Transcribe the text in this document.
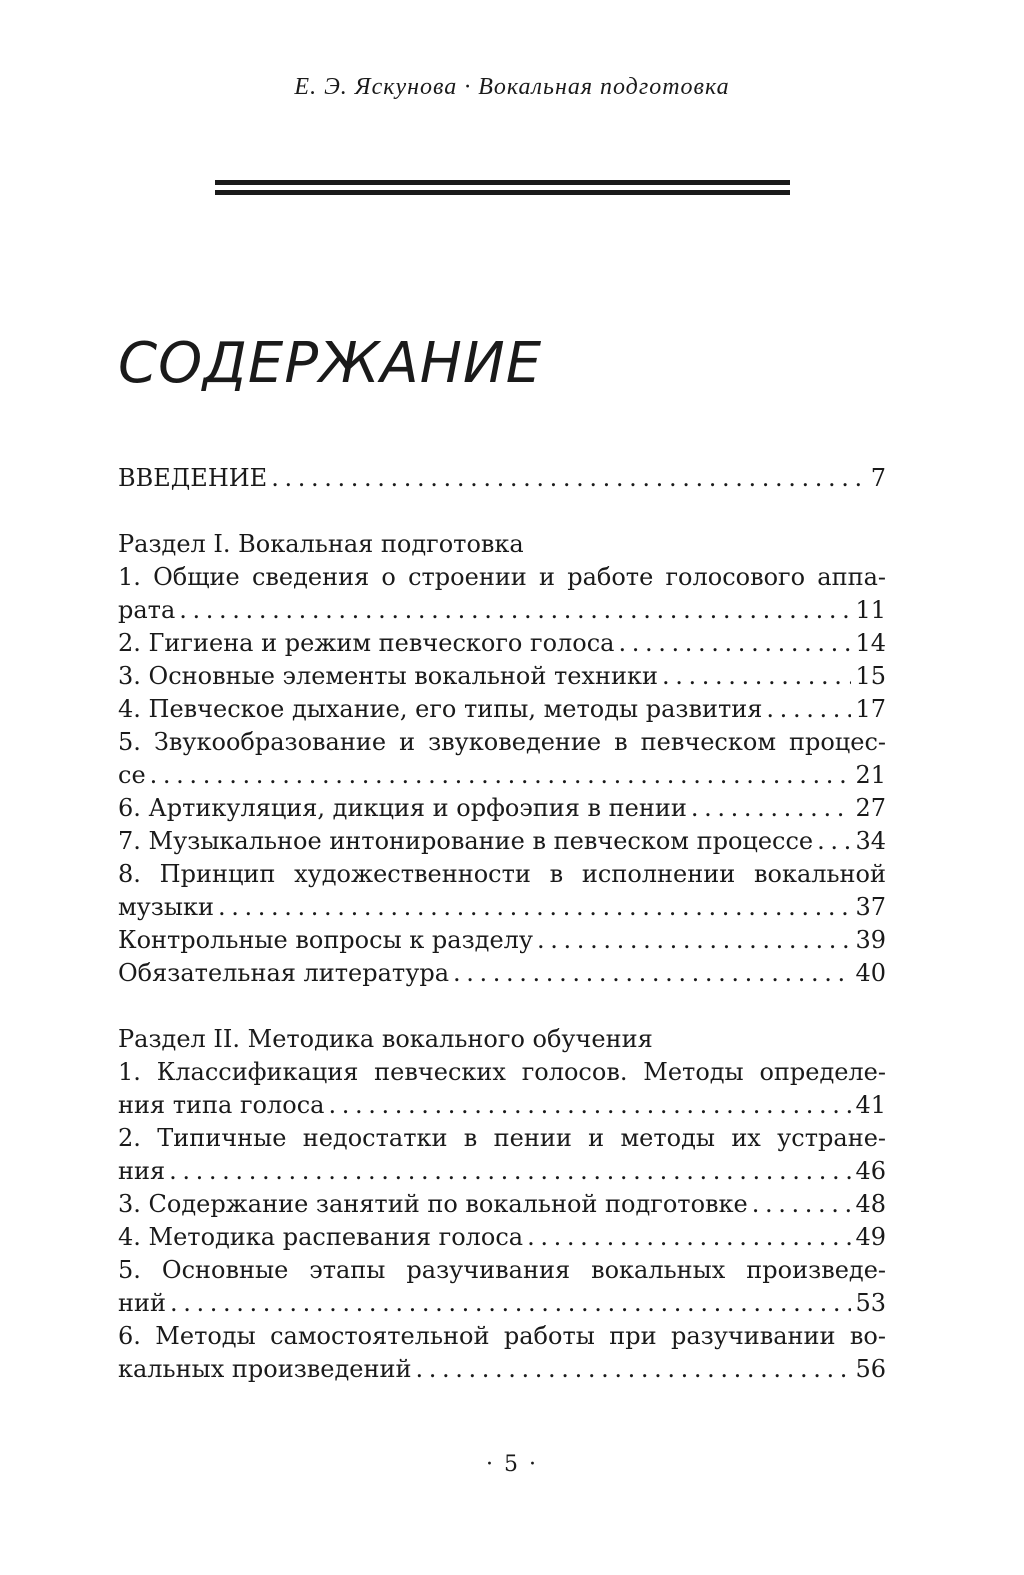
Е. Э. Яскунова · Вокальная подготовка
СОДЕРЖАНИЕ
ВВЕДЕНИЕ . . .	7
Раздел I. Вокальная подготовка
1. Общие сведения о строении и работе голосового аппа-
рата . . .	11
2. Гигиена и режим певческого голоса . . .	14
3. Основные элементы вокальной техники . . .	15
4. Певческое дыхание, его типы, методы развития . . .	17
5. Звукообразование и звуковедение в певческом процес-
се . . .	21
6. Артикуляция, дикция и орфоэпия в пении . . .	27
7. Музыкальное интонирование в певческом процессе . . . 34
8. Принцип художественности в исполнении вокальной
музыки . . .	37
Контрольные вопросы к разделу . . .	39
Обязательная литература . . .	40
Раздел II. Методика вокального обучения
1. Классификация певческих голосов. Методы определе-
ния типа голоса . . .	41
2. Типичные недостатки в пении и методы их устране-
ния . . .	46
3. Содержание занятий по вокальной подготовке . . .	48
4. Методика распевания голоса . . .	49
5. Основные этапы разучивания вокальных произведе-
ний . . .	53
6. Методы самостоятельной работы при разучивании во-
кальных произведений . . .	56
· 5 ·
